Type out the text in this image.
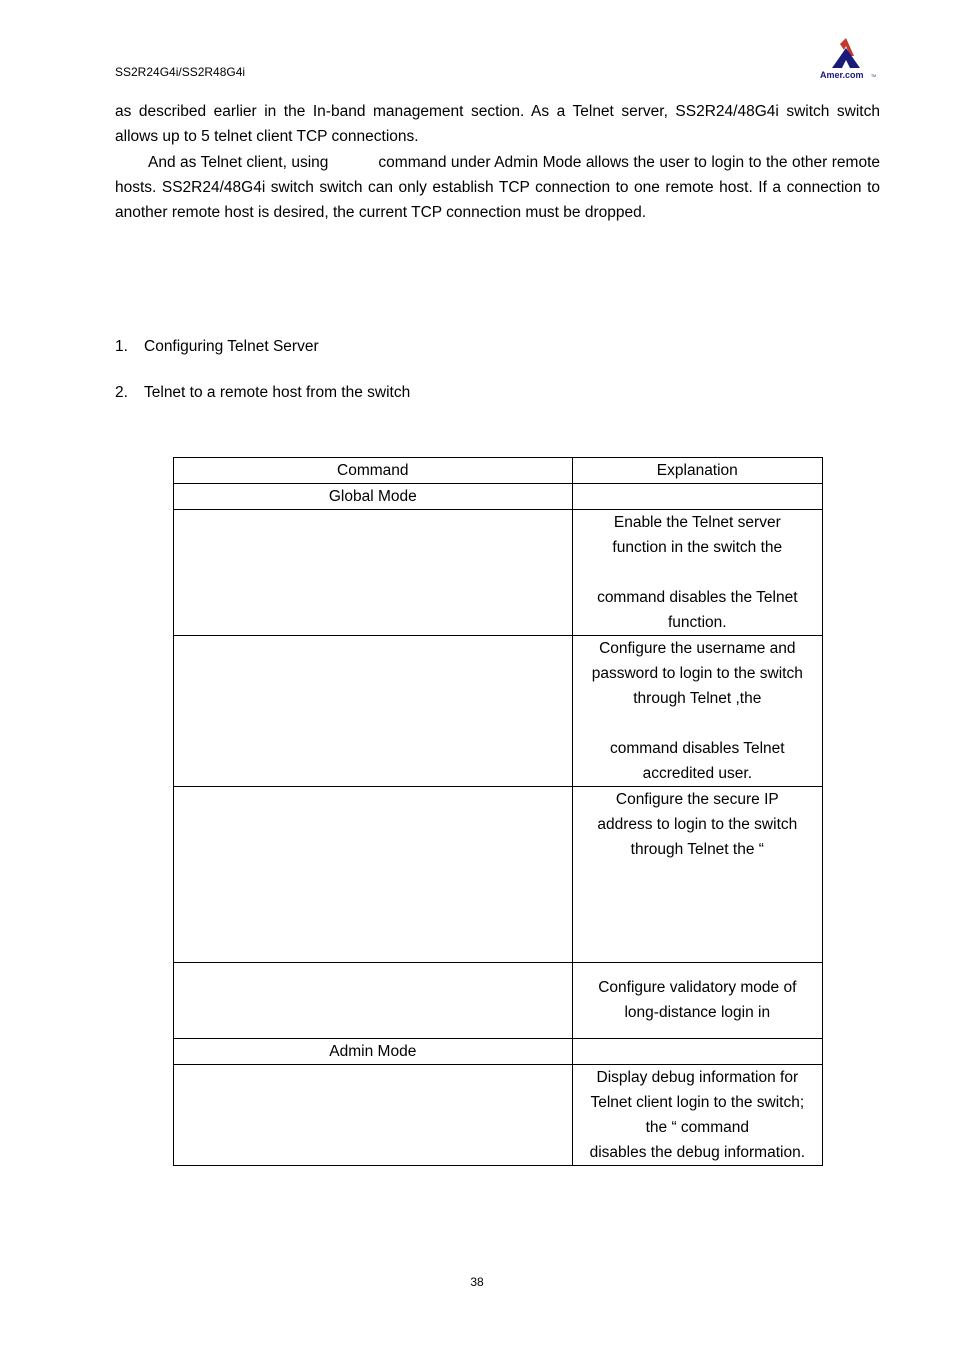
SS2R24G4i/SS2R48G4i	Amer.com TM
as described earlier in the In-band management section. As a Telnet server, SS2R24/48G4i switch switch allows up to 5 telnet client TCP connections.
And as Telnet client, using	command under Admin Mode allows the user to login to the other remote hosts. SS2R24/48G4i switch switch can only establish TCP connection to one remote host. If a connection to another remote host is desired, the current TCP connection must be dropped.
1. Configuring Telnet Server
2. Telnet to a remote host from the switch
Command	Explanation
Global Mode	

	Enable the Telnet server
function in the switch the
command disables the Telnet
function.

	Configure the username and
password to login to the switch
through Telnet ,the
command disables Telnet
accredited user.

	Configure the secure IP
address to login to the switch
through Telnet the “

	Configure validatory mode of
long-distance login in

Admin Mode	

	Display debug information for
Telnet client login to the switch;
the “ command
disables the debug information.
38
